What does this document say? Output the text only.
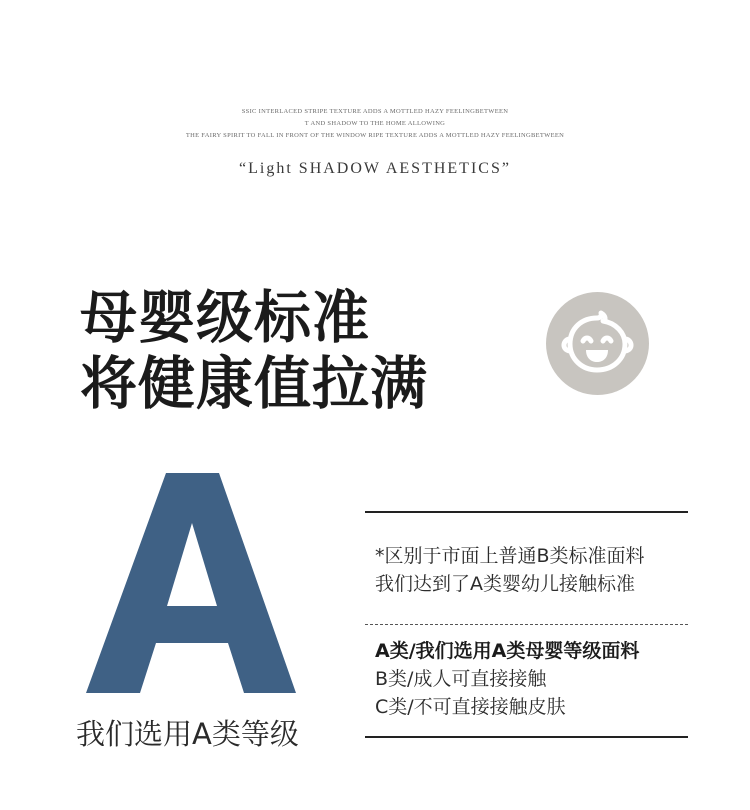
SSIC INTERLACED STRIPE TEXTURE ADDS A MOTTLED HAZY FEELINGBETWEEN
T AND SHADOW TO THE HOME ALLOWING
THE FAIRY SPIRIT TO FALL IN FRONT OF THE WINDOW RIPE TEXTURE ADDS A MOTTLED HAZY FEELINGBETWEEN
“Light SHADOW AESTHETICS”
母婴级标准
将健康值拉满
我们选用A类等级
*区别于市面上普通B类标准面料
我们达到了A类婴幼儿接触标准
A类/我们选用A类母婴等级面料
B类/成人可直接接触
C类/不可直接接触皮肤
